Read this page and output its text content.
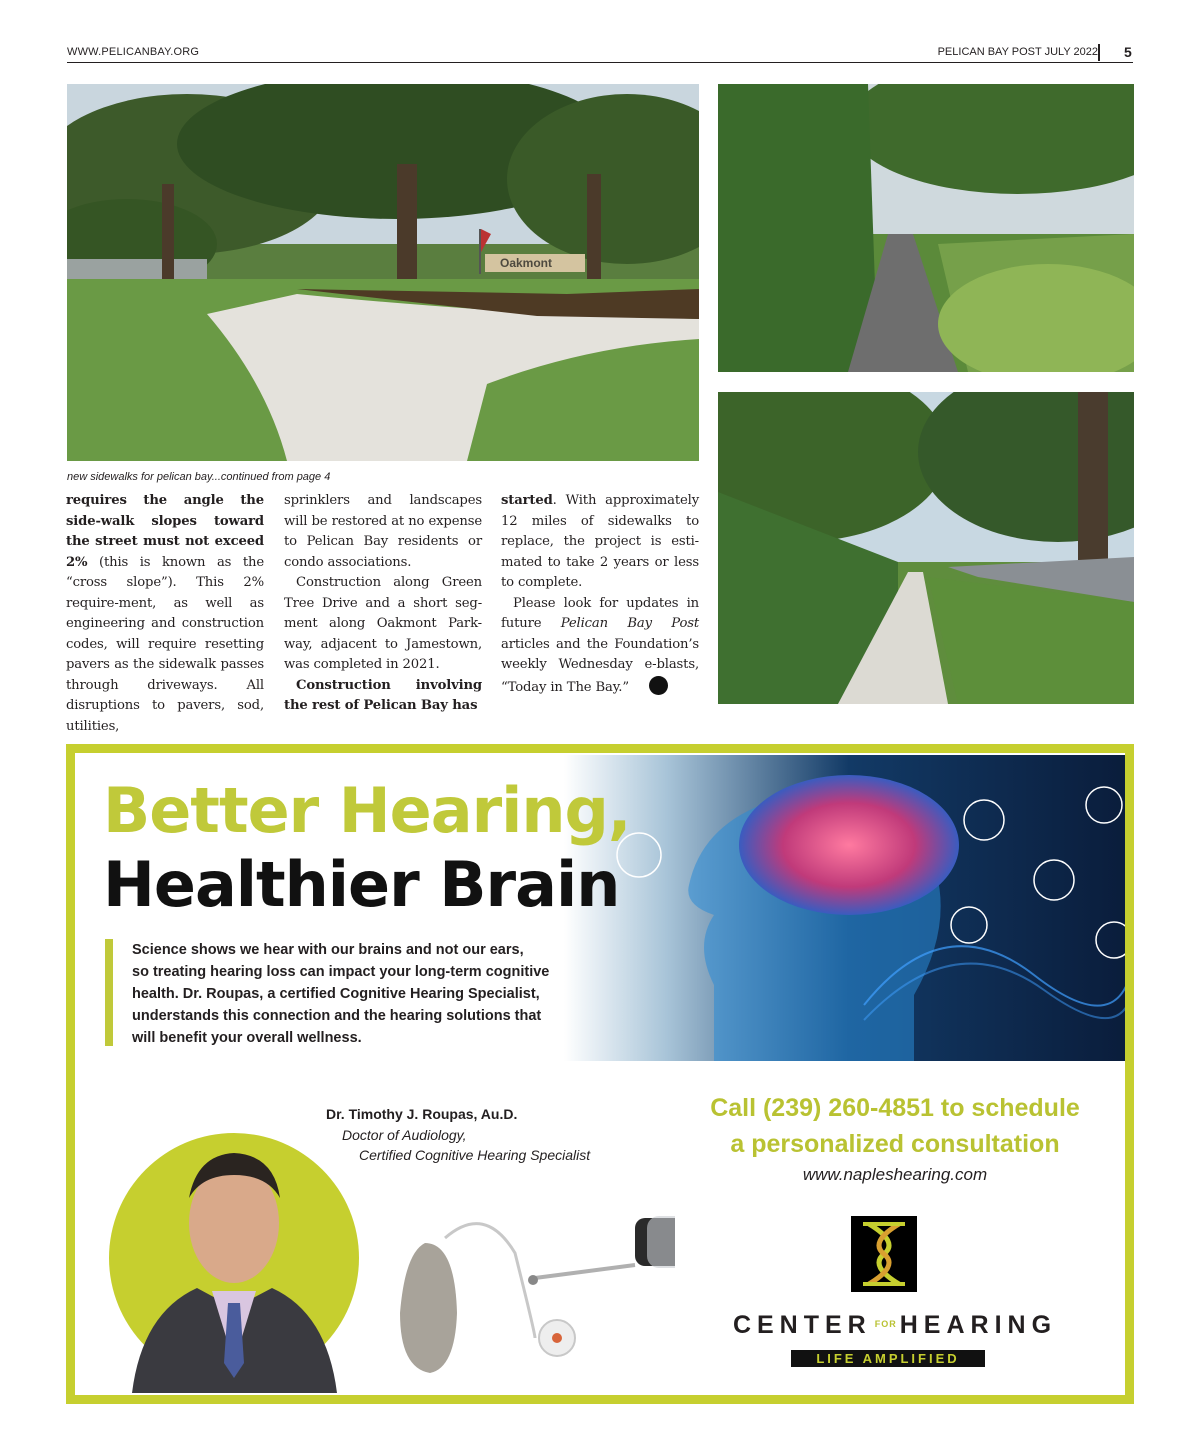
WWW.PELICANBAY.ORG	PELICAN BAY POST JULY 2022 5
Oakmont
new sidewalks for pelican bay...continued from page 4

requires the angle the side-walk slopes toward the street must not exceed 2% (this is known as the “cross slope”). This 2% require-ment, as well as engineering and construction codes, will require resetting pavers as the sidewalk passes through driveways. All disruptions to pavers, sod, utilities,

sprinklers and landscapes will be restored at no expense to Pelican Bay residents or condo associations.

Construction along Green Tree Drive and a short seg-ment along Oakmont Park-way, adjacent to Jamestown, was completed in 2021.

Construction involving the rest of Pelican Bay has

started. With approximately 12 miles of sidewalks to replace, the project is esti-mated to take 2 years or less to complete.

Please look for updates in future Pelican Bay Post articles and the Foundation’s weekly Wednesday e-blasts, “Today in The Bay.”

Better Hearing,
Healthier Brain
Science shows we hear with our brains and not our ears,
so treating hearing loss can impact your long-term cognitive
health. Dr. Roupas, a certified Cognitive Hearing Specialist,
understands this connection and the hearing solutions that
will benefit your overall wellness.
Dr. Timothy J. Roupas, Au.D.
Doctor of Audiology,
Certified Cognitive Hearing Specialist
Call (239) 260-4851 to schedule
a personalized consultation
www.napleshearing.com
CENTER $^{FOR}$ HEARING
LIFE AMPLIFIED
